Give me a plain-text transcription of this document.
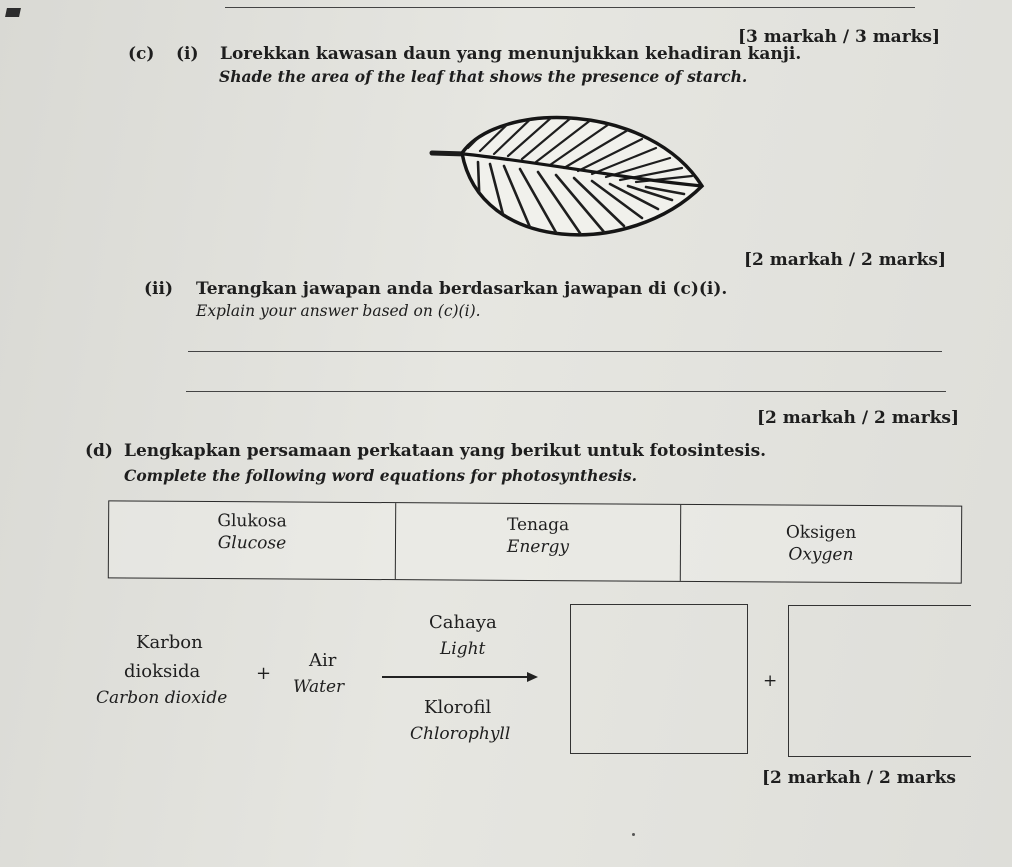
[3 markah / 3 marks]
(c) (i) Lorekkan kawasan daun yang menunjukkan kehadiran kanji.
Shade the area of the leaf that shows the presence of starch.
[2 markah / 2 marks]
(ii) Terangkan jawapan anda berdasarkan jawapan di (c)(i).
Explain your answer based on (c)(i).
[2 markah / 2 marks]
(d) Lengkapkan persamaan perkataan yang berikut untuk fotosintesis.
Complete the following word equations for photosynthesis.
Glukosa
Glucose
Tenaga
Energy
Oksigen
Oxygen
Karbon
dioksida
Carbon dioxide
+
Air
Water
Cahaya
Light
Klorofil
Chlorophyll
+
[2 markah / 2 marks
